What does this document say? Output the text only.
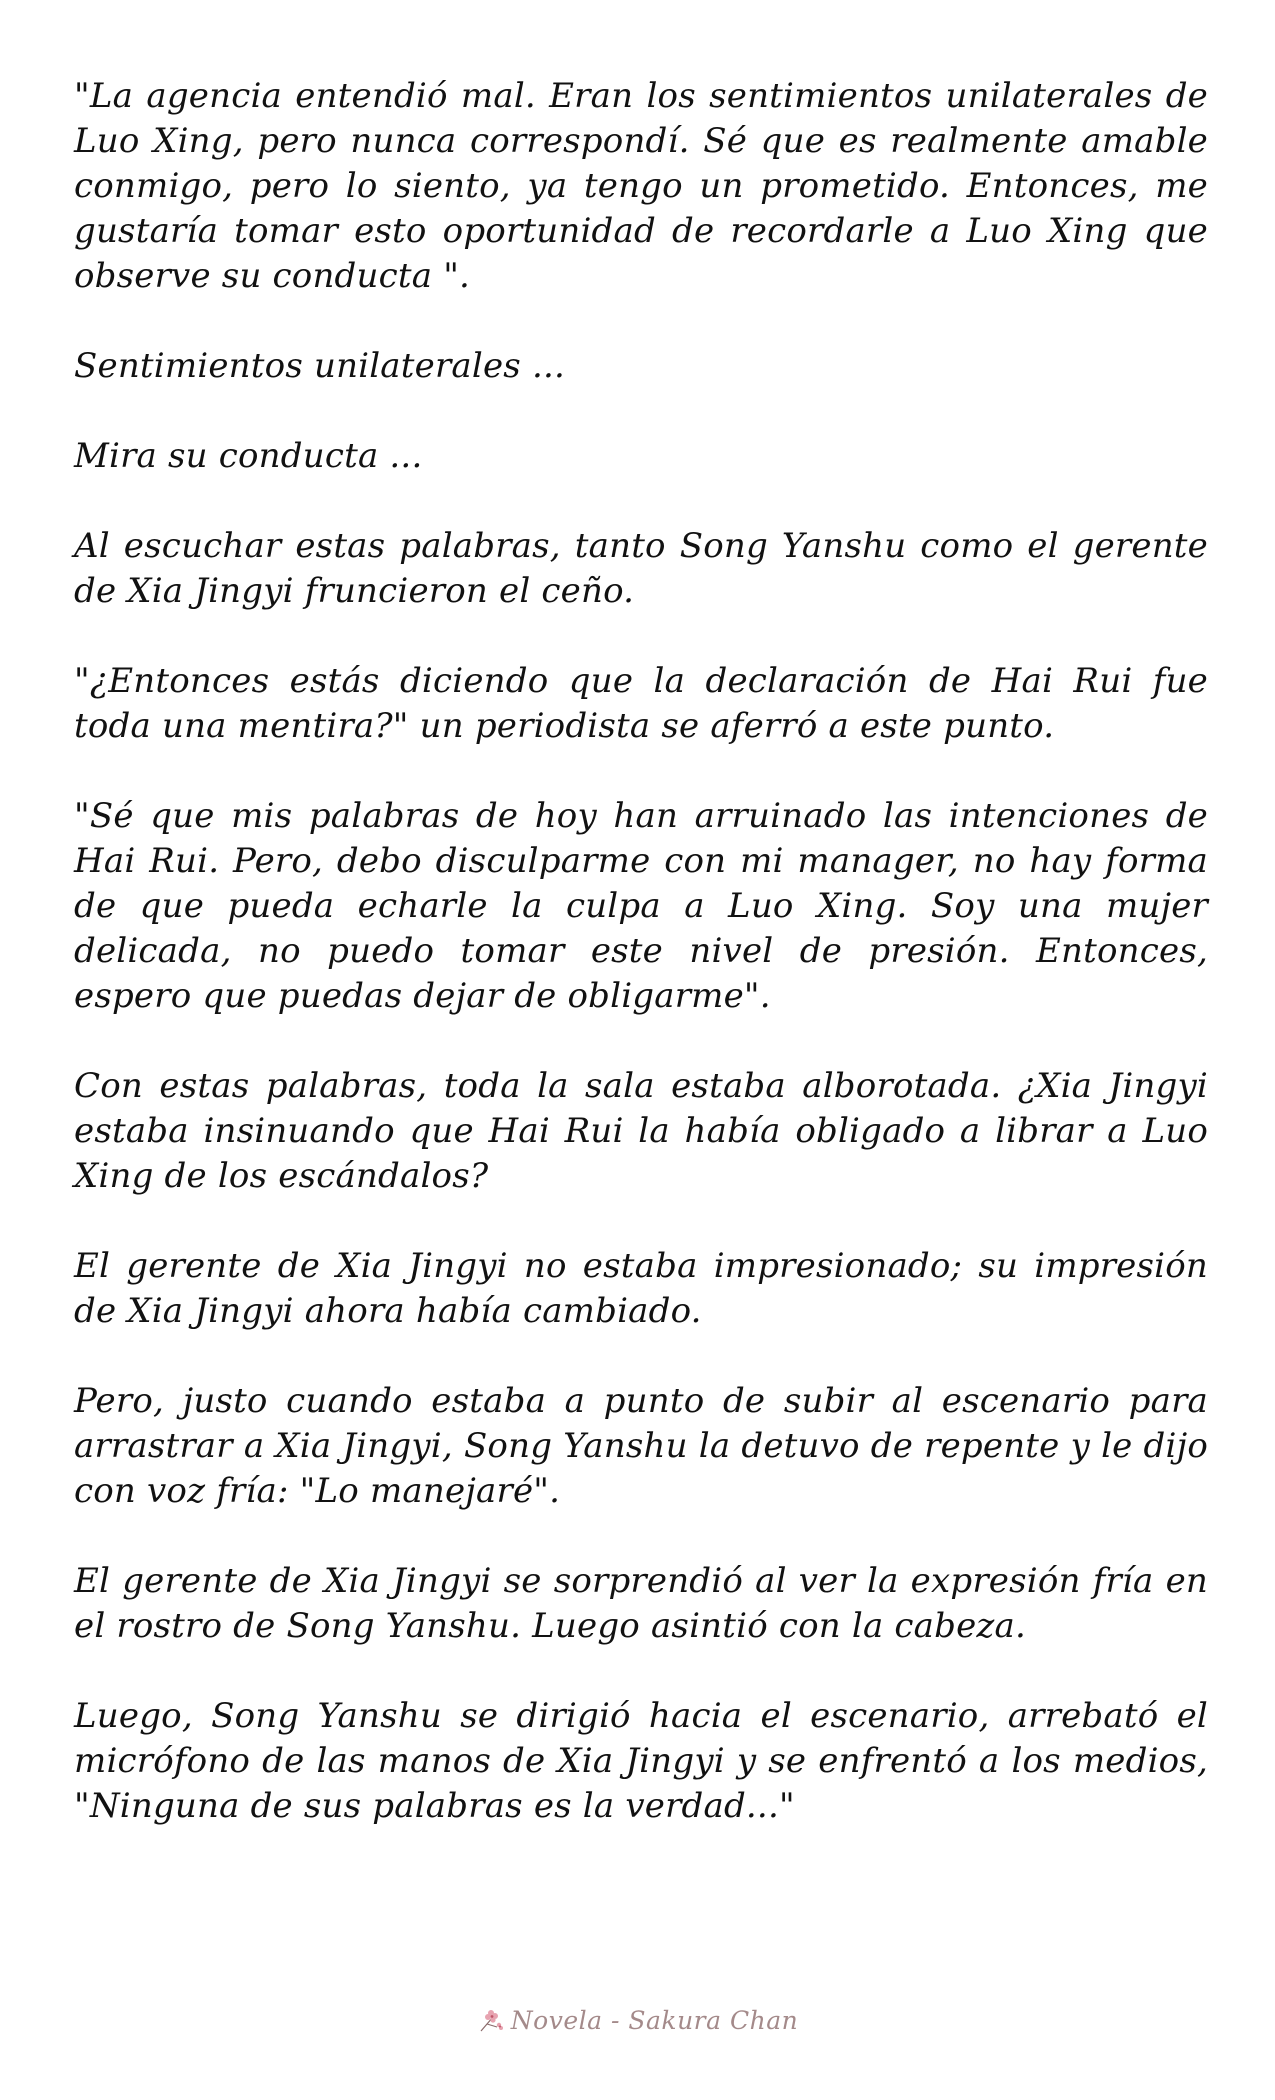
"La agencia entendió mal. Eran los sentimientos unilaterales de Luo Xing, pero nunca correspondí. Sé que es realmente amable conmigo, pero lo siento, ya tengo un prometido. Entonces, me gustaría tomar esto oportunidad de recordarle a Luo Xing que observe su conducta ".

Sentimientos unilaterales ...

Mira su conducta ...

Al escuchar estas palabras, tanto Song Yanshu como el gerente de Xia Jingyi fruncieron el ceño.

"¿Entonces estás diciendo que la declaración de Hai Rui fue toda una mentira?" un periodista se aferró a este punto.

"Sé que mis palabras de hoy han arruinado las intenciones de Hai Rui. Pero, debo disculparme con mi manager, no hay forma de que pueda echarle la culpa a Luo Xing. Soy una mujer delicada, no puedo tomar este nivel de presión. Entonces, espero que puedas dejar de obligarme".

Con estas palabras, toda la sala estaba alborotada. ¿Xia Jingyi estaba insinuando que Hai Rui la había obligado a librar a Luo Xing de los escándalos?

El gerente de Xia Jingyi no estaba impresionado; su impresión de Xia Jingyi ahora había cambiado.

Pero, justo cuando estaba a punto de subir al escenario para arrastrar a Xia Jingyi, Song Yanshu la detuvo de repente y le dijo con voz fría: "Lo manejaré".

El gerente de Xia Jingyi se sorprendió al ver la expresión fría en el rostro de Song Yanshu. Luego asintió con la cabeza.

Luego, Song Yanshu se dirigió hacia el escenario, arrebató el micrófono de las manos de Xia Jingyi y se enfrentó a los medios, "Ninguna de sus palabras es la verdad..."

Novela - Sakura Chan
